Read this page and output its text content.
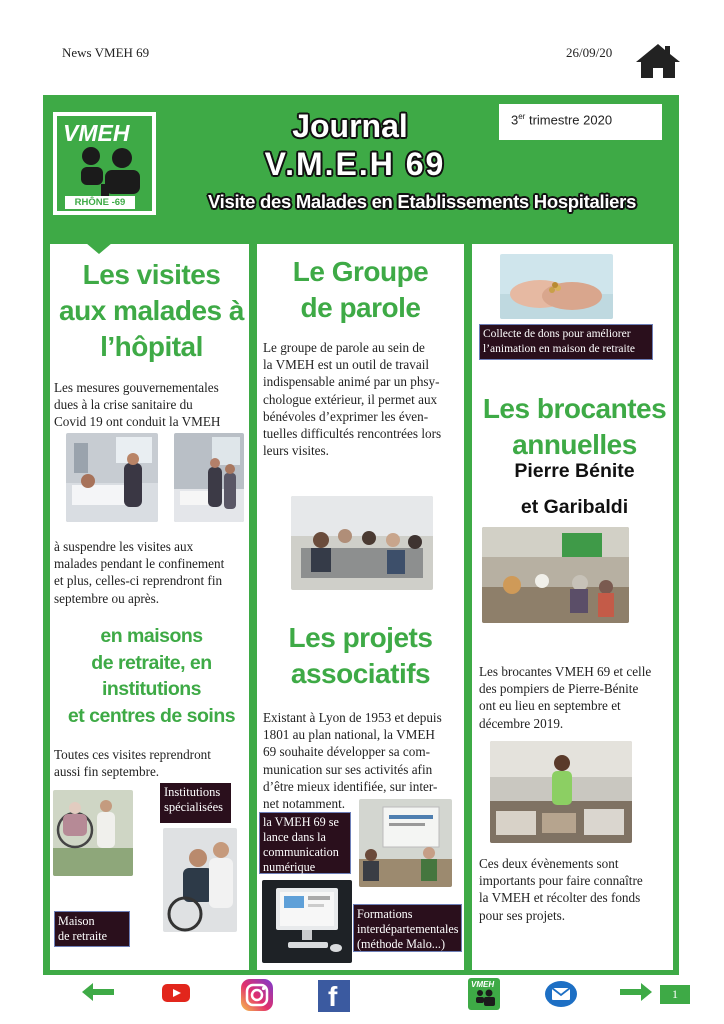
News VMEH 69	26/09/20
VMEH
RHÔNE -69
Journal
V.M.E.H 69
Visite des Malades en Etablissements Hospitaliers
3er trimestre 2020
Les visites
aux malades à
l’hôpital
Les mesures gouvernementales
dues à la crise sanitaire du
Covid 19 ont conduit la VMEH
à suspendre les visites aux
malades pendant le confinement
et plus, celles-ci reprendront fin
septembre ou après.
en maisons
de retraite, en
institutions
et centres de soins
Toutes ces visites reprendront
aussi fin septembre.
Institutions
spécialisées
Maison
de retraite
Le Groupe
de parole
Le groupe de parole au sein de
la VMEH est un outil de travail
indispensable animé par un phsy-
chologue extérieur, il permet aux
bénévoles d’exprimer les éven-
tuelles difficultés rencontrées lors
leurs visites.
Les projets
associatifs
Existant à Lyon de 1953 et depuis
1801 au plan national, la VMEH
69 souhaite développer sa com-
munication sur ses activités afin
d’être mieux identifiée, sur inter-
net notamment.
la VMEH 69 se
lance dans la
communication
numérique
Formations
interdépartementales
(méthode Malo...)
Collecte de dons pour améliorer
l’animation en maison de retraite
Les brocantes
annuelles
Pierre Bénite
et Garibaldi
Les brocantes VMEH 69 et celle
des pompiers de Pierre-Bénite
ont eu lieu en septembre et
décembre 2019.
Ces deux évènements sont
importants pour faire connaître
la VMEH et récolter des fonds
pour ses projets.
f	VMEH
1
